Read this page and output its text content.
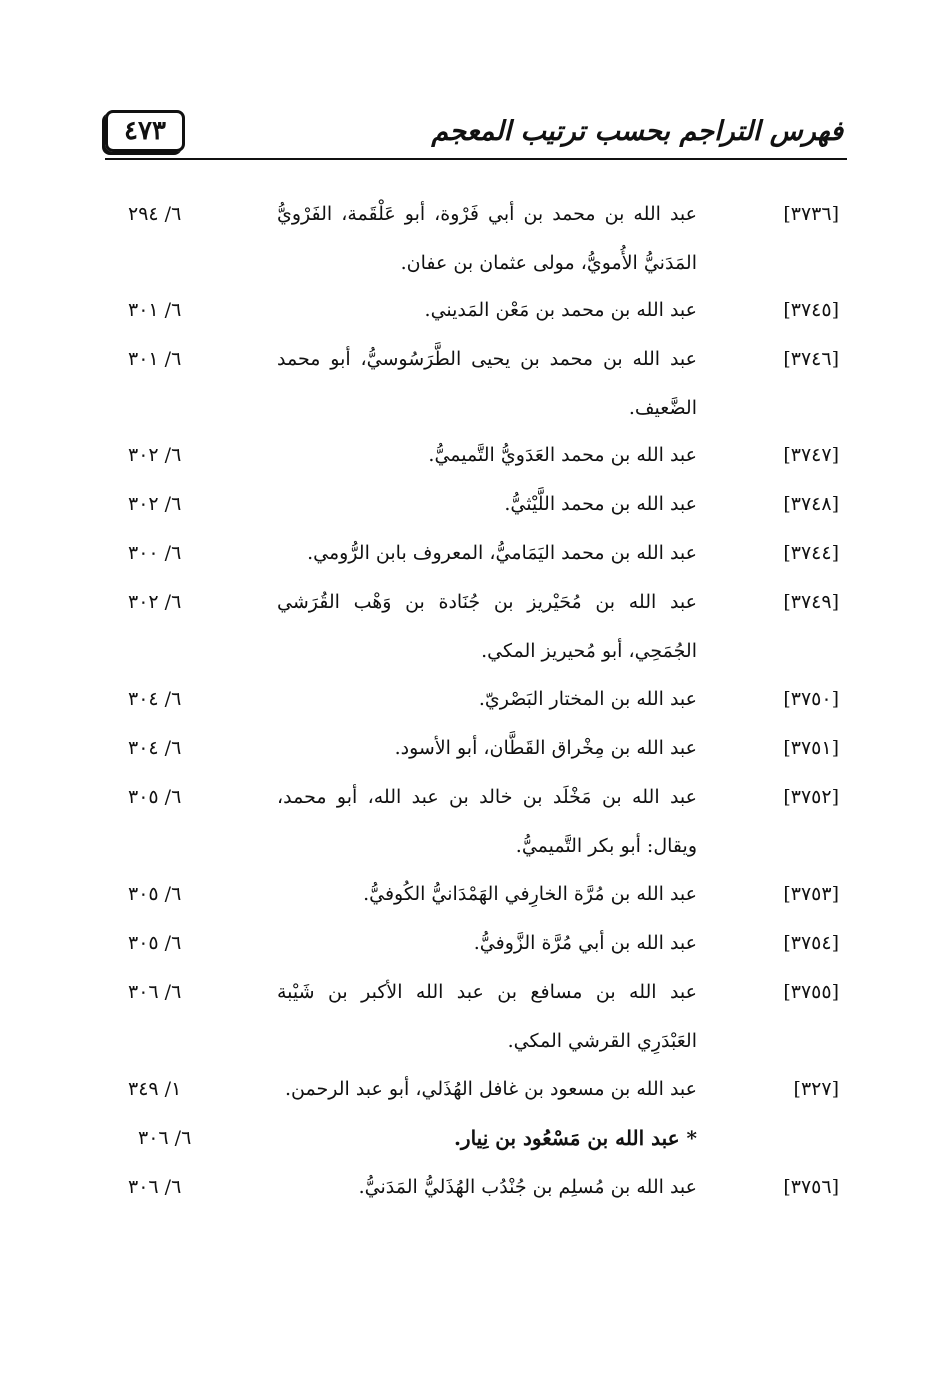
٤٧٣	فهرس التراجم بحسب ترتيب المعجم
[٣٧٣٦]
عبد الله بن محمد بن أبي فَرْوة، أبو عَلْقَمة، الفَرْويُّ
المَدَنيُّ الأُمويُّ، مولى عثمان بن عفان.
٦/ ٢٩٤
[٣٧٤٥]
عبد الله بن محمد بن مَعْن المَديني.
٦/ ٣٠١
[٣٧٤٦]
عبد الله بن محمد بن يحيى الطَّرَسُوسيُّ، أبو محمد
الضَّعيف.
٦/ ٣٠١
[٣٧٤٧]
عبد الله بن محمد العَدَويُّ التَّميميُّ.
٦/ ٣٠٢
[٣٧٤٨]
عبد الله بن محمد اللَّيْثيُّ.
٦/ ٣٠٢
[٣٧٤٤]
عبد الله بن محمد اليَمَاميُّ، المعروف بابن الرُّومي.
٦/ ٣٠٠
[٣٧٤٩]
عبد الله بن مُحَيْريز بن جُنَادة بن وَهْب القُرَشي
الجُمَحِي، أبو مُحيريز المكي.
٦/ ٣٠٢
[٣٧٥٠]
عبد الله بن المختار البَصْريّ.
٦/ ٣٠٤
[٣٧٥١]
عبد الله بن مِخْراق القَطَّان، أبو الأسود.
٦/ ٣٠٤
[٣٧٥٢]
عبد الله بن مَخْلَد بن خالد بن عبد الله، أبو محمد،
ويقال: أبو بكر التَّميميُّ.
٦/ ٣٠٥
[٣٧٥٣]
عبد الله بن مُرَّة الخارِفي الهَمْدَانيُّ الكُوفيُّ.
٦/ ٣٠٥
[٣٧٥٤]
عبد الله بن أبي مُرَّة الزَّوفيُّ.
٦/ ٣٠٥
[٣٧٥٥]
عبد الله بن مسافع بن عبد الله الأكبر بن شَيْبة
العَبْدَرِي القرشي المكي.
٦/ ٣٠٦
[٣٢٧]
عبد الله بن مسعود بن غافل الهُذَلي، أبو عبد الرحمن.
١/ ٣٤٩
* عبد الله بن مَسْعُود بن نِيار.
٦/ ٣٠٦
[٣٧٥٦]
عبد الله بن مُسلِم بن جُنْدُب الهُذَليُّ المَدَنيُّ.
٦/ ٣٠٦
